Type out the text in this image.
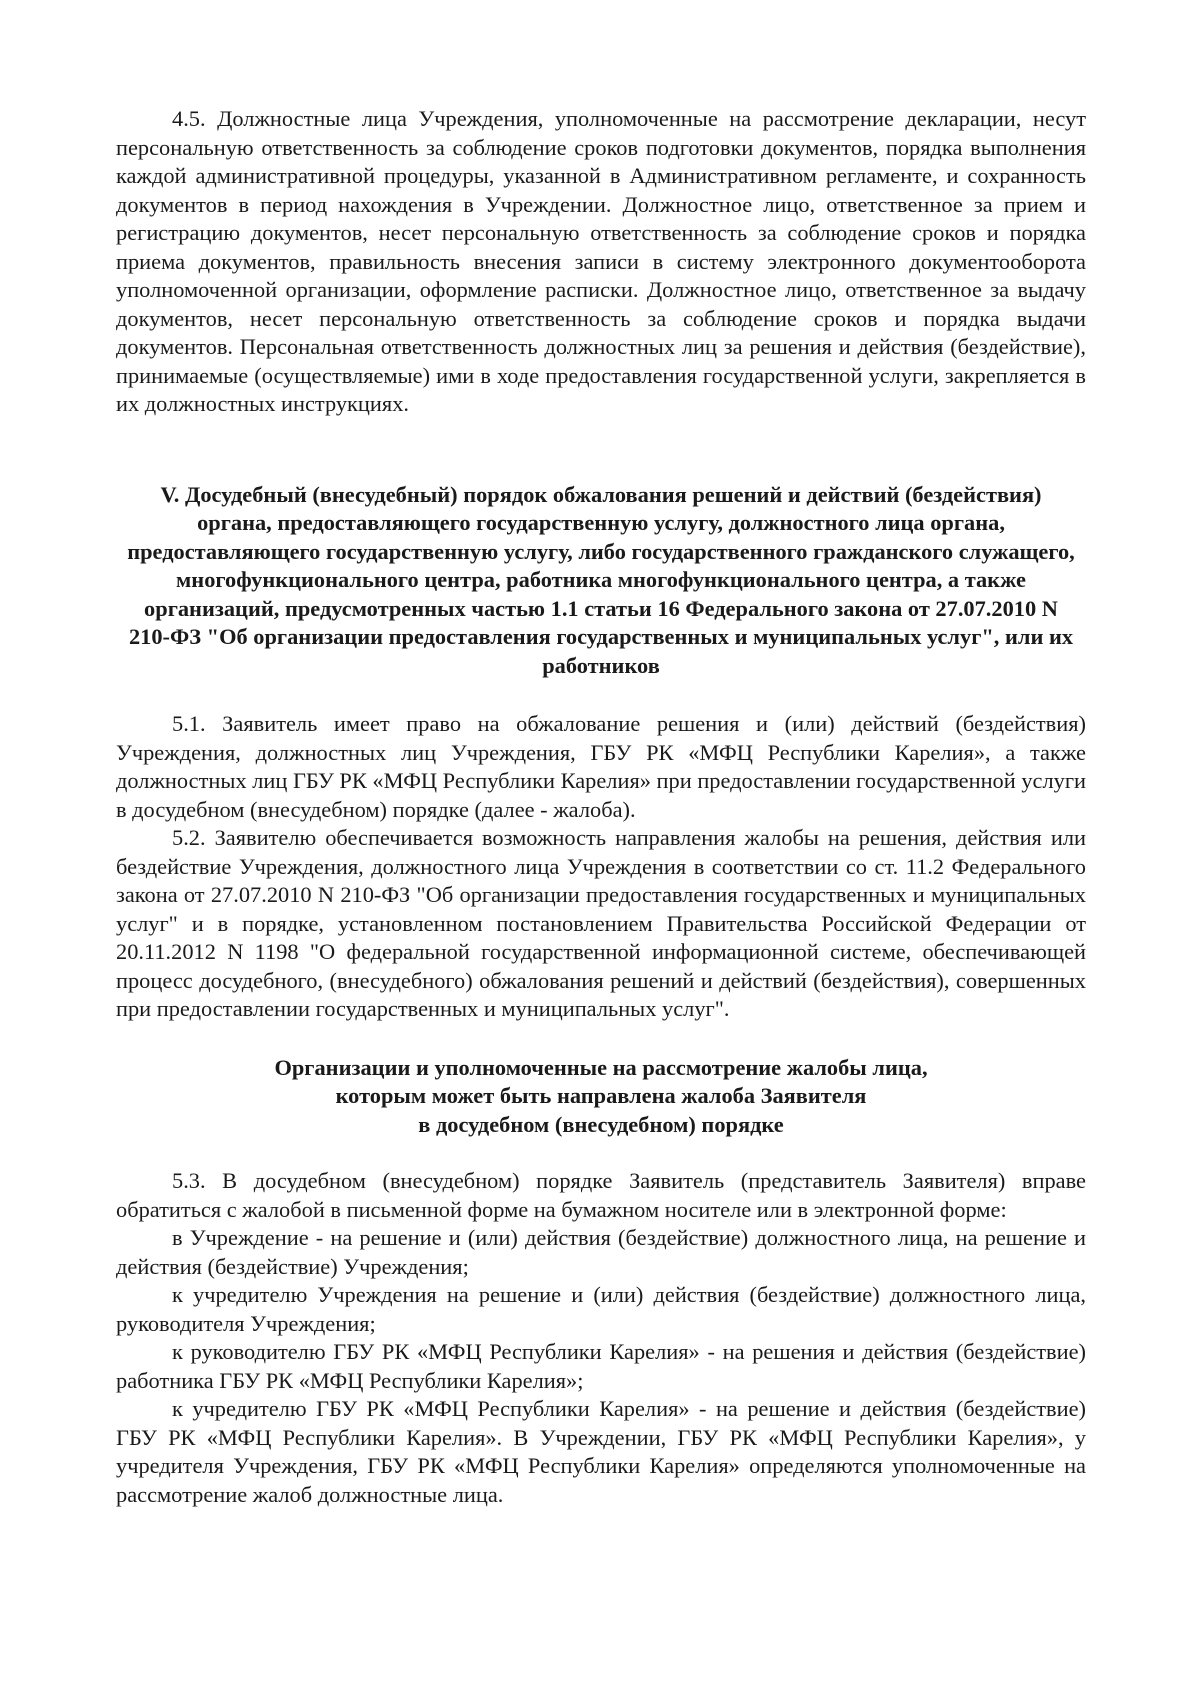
4.5. Должностные лица Учреждения, уполномоченные на рассмотрение декларации, несут персональную ответственность за соблюдение сроков подготовки документов, порядка выполнения каждой административной процедуры, указанной в Административном регламенте, и сохранность документов в период нахождения в Учреждении. Должностное лицо, ответственное за прием и регистрацию документов, несет персональную ответственность за соблюдение сроков и порядка приема документов, правильность внесения записи в систему электронного документооборота уполномоченной организации, оформление расписки. Должностное лицо, ответственное за выдачу документов, несет персональную ответственность за соблюдение сроков и порядка выдачи документов. Персональная ответственность должностных лиц за решения и действия (бездействие), принимаемые (осуществляемые) ими в ходе предоставления государственной услуги, закрепляется в их должностных инструкциях.

V. Досудебный (внесудебный) порядок обжалования решений и действий (бездействия) органа, предоставляющего государственную услугу, должностного лица органа, предоставляющего государственную услугу, либо государственного гражданского служащего, многофункционального центра, работника многофункционального центра, а также организаций, предусмотренных частью 1.1 статьи 16 Федерального закона от 27.07.2010 N 210-ФЗ "Об организации предоставления государственных и муниципальных услуг", или их работников

5.1. Заявитель имеет право на обжалование решения и (или) действий (бездействия) Учреждения, должностных лиц Учреждения, ГБУ РК «МФЦ Республики Карелия», а также должностных лиц ГБУ РК «МФЦ Республики Карелия» при предоставлении государственной услуги в досудебном (внесудебном) порядке (далее - жалоба).

5.2. Заявителю обеспечивается возможность направления жалобы на решения, действия или бездействие Учреждения, должностного лица Учреждения в соответствии со ст. 11.2 Федерального закона от 27.07.2010 N 210-ФЗ "Об организации предоставления государственных и муниципальных услуг" и в порядке, установленном постановлением Правительства Российской Федерации от 20.11.2012 N 1198 "О федеральной государственной информационной системе, обеспечивающей процесс досудебного, (внесудебного) обжалования решений и действий (бездействия), совершенных при предоставлении государственных и муниципальных услуг".

Организации и уполномоченные на рассмотрение жалобы лица,
которым может быть направлена жалоба Заявителя
в досудебном (внесудебном) порядке

5.3. В досудебном (внесудебном) порядке Заявитель (представитель Заявителя) вправе обратиться с жалобой в письменной форме на бумажном носителе или в электронной форме:

в Учреждение - на решение и (или) действия (бездействие) должностного лица, на решение и действия (бездействие) Учреждения;

к учредителю Учреждения на решение и (или) действия (бездействие) должностного лица, руководителя Учреждения;

к руководителю ГБУ РК «МФЦ Республики Карелия» - на решения и действия (бездействие) работника ГБУ РК «МФЦ Республики Карелия»;

к учредителю ГБУ РК «МФЦ Республики Карелия» - на решение и действия (бездействие) ГБУ РК «МФЦ Республики Карелия». В Учреждении, ГБУ РК «МФЦ Республики Карелия», у учредителя Учреждения, ГБУ РК «МФЦ Республики Карелия» определяются уполномоченные на рассмотрение жалоб должностные лица.
